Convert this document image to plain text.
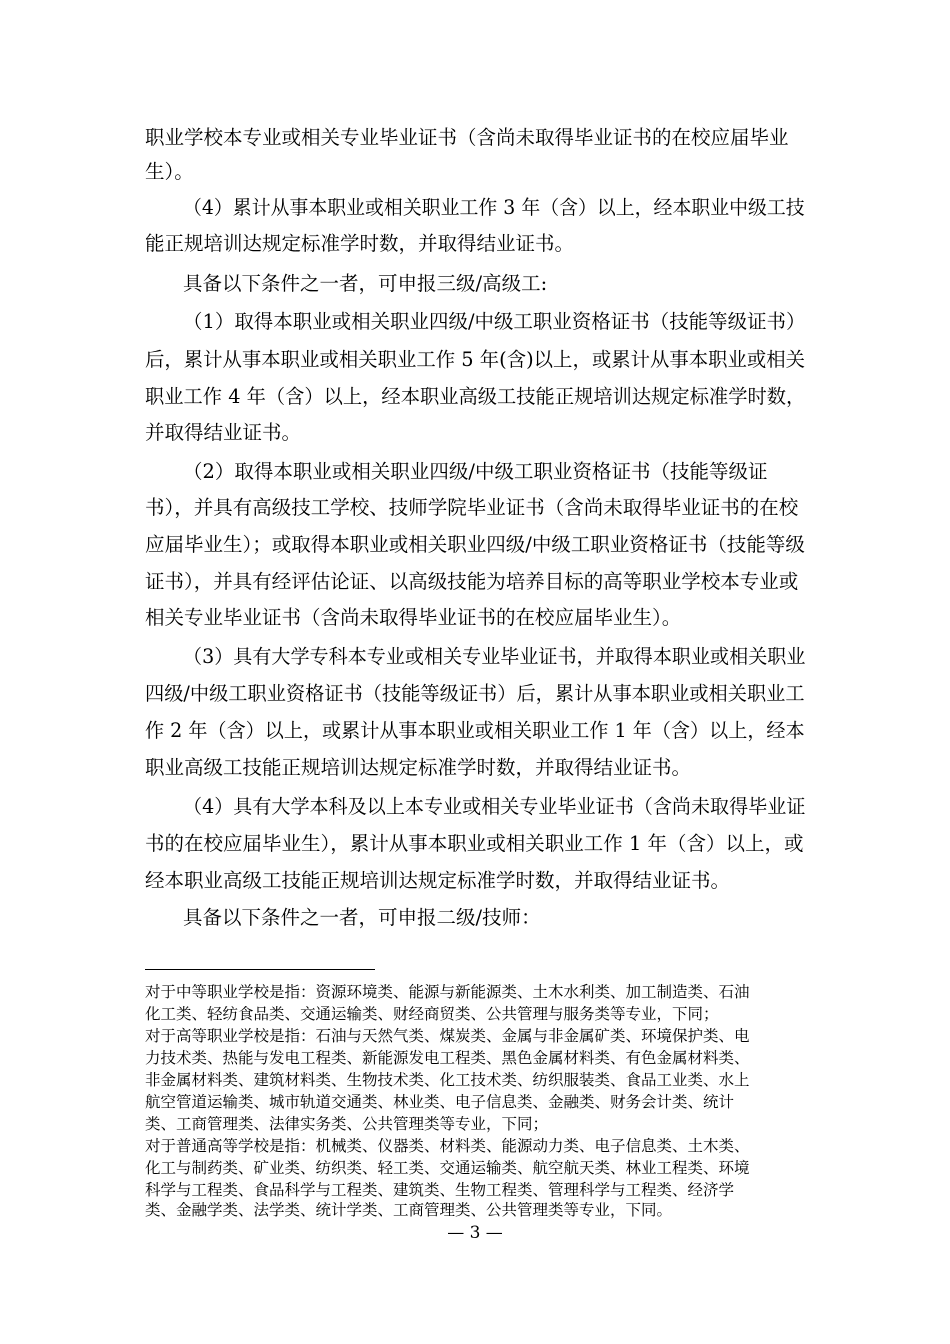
职业学校本专业或相关专业毕业证书（含尚未取得毕业证书的在校应届毕业
生）。
（4）累计从事本职业或相关职业工作 3 年（含）以上，经本职业中级工技
能正规培训达规定标准学时数，并取得结业证书。
具备以下条件之一者，可申报三级/高级工:
（1）取得本职业或相关职业四级/中级工职业资格证书（技能等级证书）
后，累计从事本职业或相关职业工作 5 年(含)以上，或累计从事本职业或相关
职业工作 4 年（含）以上，经本职业高级工技能正规培训达规定标准学时数，
并取得结业证书。
（2）取得本职业或相关职业四级/中级工职业资格证书（技能等级证
书），并具有高级技工学校、技师学院毕业证书（含尚未取得毕业证书的在校
应届毕业生）；或取得本职业或相关职业四级/中级工职业资格证书（技能等级
证书），并具有经评估论证、以高级技能为培养目标的高等职业学校本专业或
相关专业毕业证书（含尚未取得毕业证书的在校应届毕业生）。
（3）具有大学专科本专业或相关专业毕业证书，并取得本职业或相关职业
四级/中级工职业资格证书（技能等级证书）后，累计从事本职业或相关职业工
作 2 年（含）以上，或累计从事本职业或相关职业工作 1 年（含）以上，经本
职业高级工技能正规培训达规定标准学时数，并取得结业证书。
（4）具有大学本科及以上本专业或相关专业毕业证书（含尚未取得毕业证
书的在校应届毕业生），累计从事本职业或相关职业工作 1 年（含）以上，或
经本职业高级工技能正规培训达规定标准学时数，并取得结业证书。
具备以下条件之一者，可申报二级/技师：
对于中等职业学校是指：资源环境类、能源与新能源类、土木水利类、加工制造类、石油
化工类、轻纺食品类、交通运输类、财经商贸类、公共管理与服务类等专业，下同；
对于高等职业学校是指：石油与天然气类、煤炭类、金属与非金属矿类、环境保护类、电
力技术类、热能与发电工程类、新能源发电工程类、黑色金属材料类、有色金属材料类、
非金属材料类、建筑材料类、生物技术类、化工技术类、纺织服装类、食品工业类、水上
航空管道运输类、城市轨道交通类、林业类、电子信息类、金融类、财务会计类、统计
类、工商管理类、法律实务类、公共管理类等专业，下同；
对于普通高等学校是指：机械类、仪器类、材料类、能源动力类、电子信息类、土木类、
化工与制药类、矿业类、纺织类、轻工类、交通运输类、航空航天类、林业工程类、环境
科学与工程类、食品科学与工程类、建筑类、生物工程类、管理科学与工程类、经济学
类、金融学类、法学类、统计学类、工商管理类、公共管理类等专业，下同。
— 3 —
